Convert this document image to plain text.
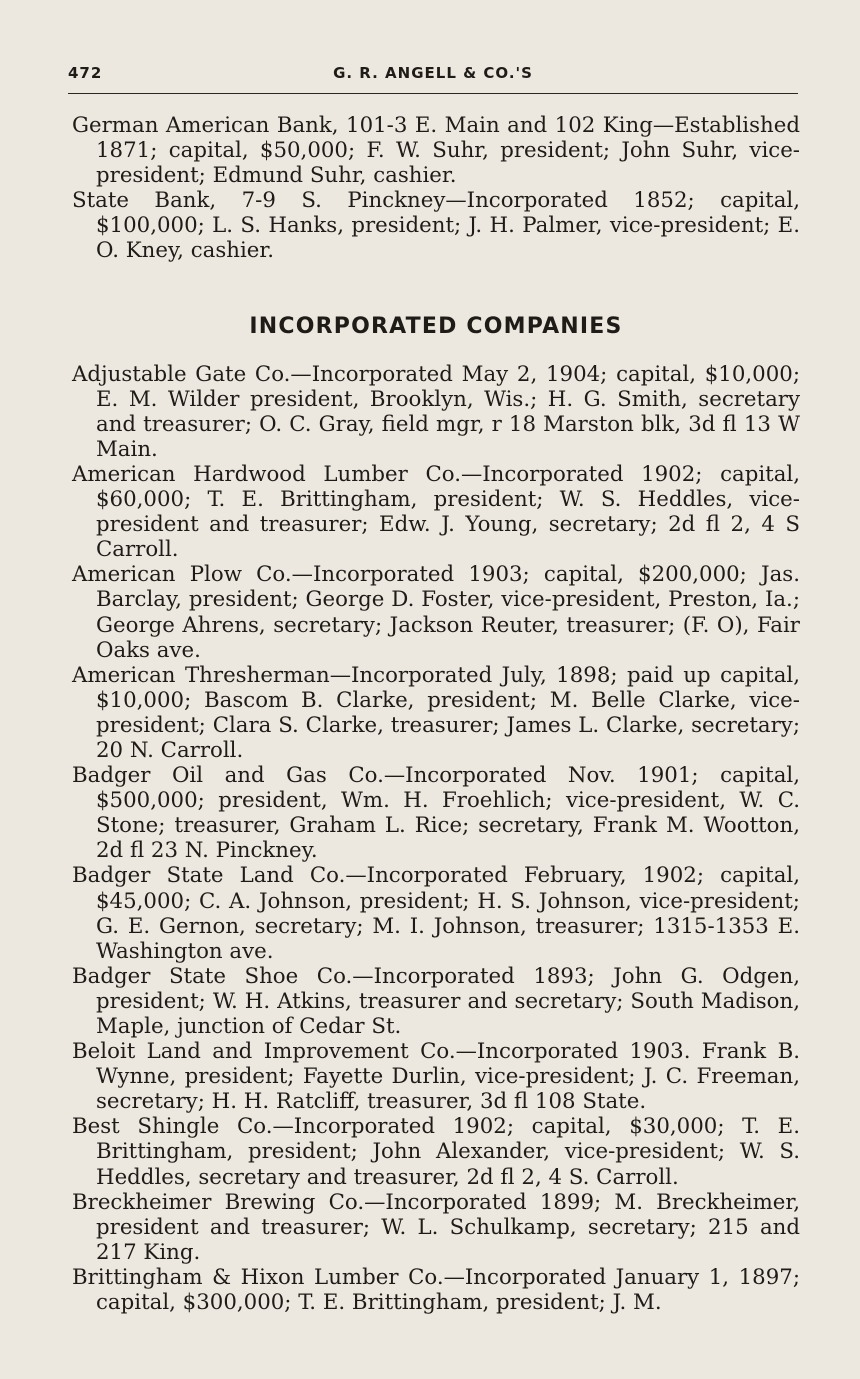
472	G. R. ANGELL & CO.'S

German American Bank, 101-3 E. Main and 102 King—Established 1871; capital, $50,000; F. W. Suhr, president; John Suhr, vice-president; Edmund Suhr, cashier.

State Bank, 7-9 S. Pinckney—Incorporated 1852; capital, $100,000; L. S. Hanks, president; J. H. Palmer, vice-president; E. O. Kney, cashier.

INCORPORATED COMPANIES

Adjustable Gate Co.—Incorporated May 2, 1904; capital, $10,000; E. M. Wilder president, Brooklyn, Wis.; H. G. Smith, secretary and treasurer; O. C. Gray, field mgr, r 18 Marston blk, 3d fl 13 W Main.

American Hardwood Lumber Co.—Incorporated 1902; capital, $60,000; T. E. Brittingham, president; W. S. Heddles, vice-president and treasurer; Edw. J. Young, secretary; 2d fl 2, 4 S Carroll.

American Plow Co.—Incorporated 1903; capital, $200,000; Jas. Barclay, president; George D. Foster, vice-president, Preston, Ia.; George Ahrens, secretary; Jackson Reuter, treasurer; (F. O), Fair Oaks ave.

American Thresherman—Incorporated July, 1898; paid up capital, $10,000; Bascom B. Clarke, president; M. Belle Clarke, vice-president; Clara S. Clarke, treasurer; James L. Clarke, secretary; 20 N. Carroll.

Badger Oil and Gas Co.—Incorporated Nov. 1901; capital, $500,000; president, Wm. H. Froehlich; vice-president, W. C. Stone; treasurer, Graham L. Rice; secretary, Frank M. Wootton, 2d fl 23 N. Pinckney.

Badger State Land Co.—Incorporated February, 1902; capital, $45,000; C. A. Johnson, president; H. S. Johnson, vice-president; G. E. Gernon, secretary; M. I. Johnson, treasurer; 1315-1353 E. Washington ave.

Badger State Shoe Co.—Incorporated 1893; John G. Odgen, president; W. H. Atkins, treasurer and secretary; South Madison, Maple, junction of Cedar St.

Beloit Land and Improvement Co.—Incorporated 1903. Frank B. Wynne, president; Fayette Durlin, vice-president; J. C. Freeman, secretary; H. H. Ratcliff, treasurer, 3d fl 108 State.

Best Shingle Co.—Incorporated 1902; capital, $30,000; T. E. Brittingham, president; John Alexander, vice-president; W. S. Heddles, secretary and treasurer, 2d fl 2, 4 S. Carroll.

Breckheimer Brewing Co.—Incorporated 1899; M. Breckheimer, president and treasurer; W. L. Schulkamp, secretary; 215 and 217 King.

Brittingham & Hixon Lumber Co.—Incorporated January 1, 1897; capital, $300,000; T. E. Brittingham, president; J. M.
